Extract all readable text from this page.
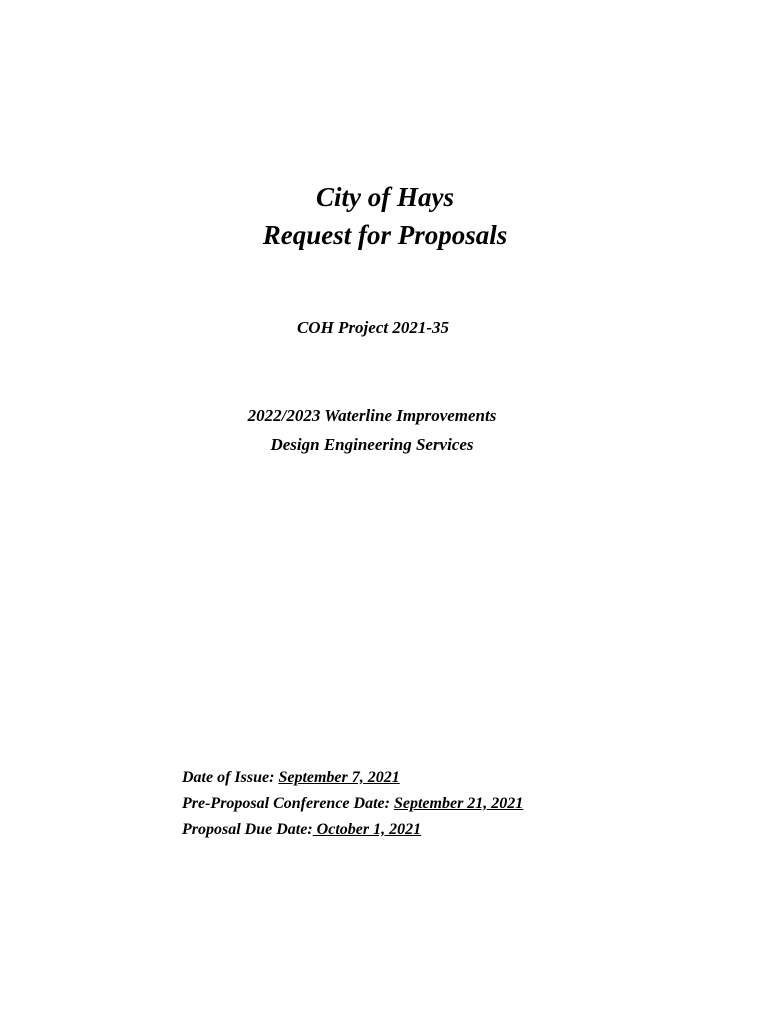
City of Hays
Request for Proposals
COH Project 2021-35
2022/2023 Waterline Improvements
Design Engineering Services
Date of Issue: September 7, 2021
Pre-Proposal Conference Date: September 21, 2021
Proposal Due Date: October 1, 2021
